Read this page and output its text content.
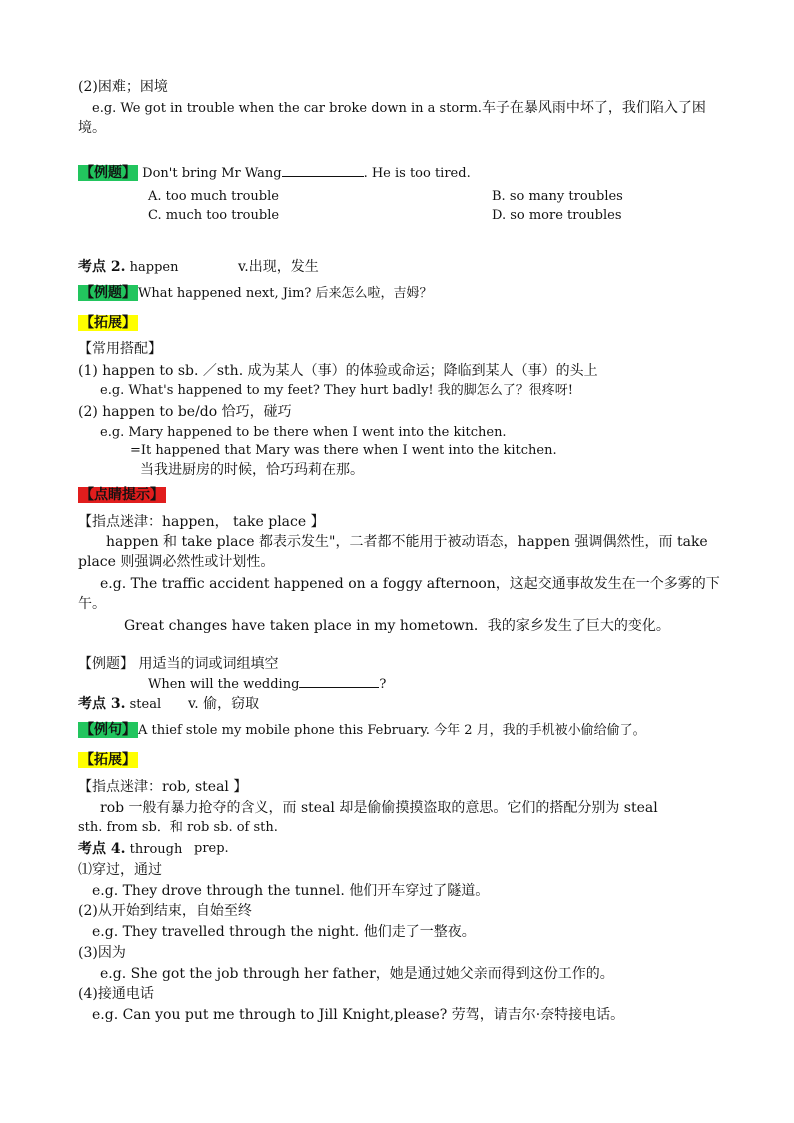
(2)困难；困境
e.g. We got in trouble when the car broke down in a storm.车子在暴风雨中坏了，我们陷入了困
境。
【例题】 Don't bring Mr Wang	. He is too tired.
A. too much trouble	B. so many troubles
C. much too trouble	D. so more troubles
考点 2. happen	v.出现，发生
【例题】 What happened next, Jim? 后来怎么啦，吉姆？
【拓展】
【常用搭配】
(1) happen to sb. ／sth. 成为某人（事）的体验或命运；降临到某人（事）的头上
e.g. What's happened to my feet? They hurt badly! 我的脚怎么了？很疼呀!
(2) happen to be/do 恰巧，碰巧
e.g. Mary happened to be there when I went into the kitchen.
=It happened that Mary was there when I went into the kitchen.
当我进厨房的时候，恰巧玛莉在那。
【点睛提示】
【指点迷津：happen， take place 】
happen 和 take place 都表示发生"，二者都不能用于被动语态，happen 强调偶然性，而 take
place 则强调必然性或计划性。
e.g. The traffic accident happened on a foggy afternoon，这起交通事故发生在一个多雾的下
午。
Great changes have taken place in my hometown．我的家乡发生了巨大的变化。
【例题】 用适当的词或词组填空
When will the wedding	?
考点 3. steal v. 偷，窃取
【例句】 A thief stole my mobile phone this February. 今年 2 月，我的手机被小偷给偷了。
【拓展】
【指点迷津：rob, steal 】
rob 一般有暴力抢夺的含义，而 steal 却是偷偷摸摸盗取的意思。它们的搭配分别为 steal
sth. from sb．和 rob sb. of sth.
考点 4. through prep.
⑴穿过，通过
e.g. They drove through the tunnel. 他们开车穿过了隧道。
(2)从开始到结束，自始至终
e.g. They travelled through the night. 他们走了一整夜。
(3)因为
e.g. She got the job through her father，她是通过她父亲而得到这份工作的。
(4)接通电话
e.g. Can you put me through to Jill Knight,please? 劳驾，请吉尔·奈特接电话。
